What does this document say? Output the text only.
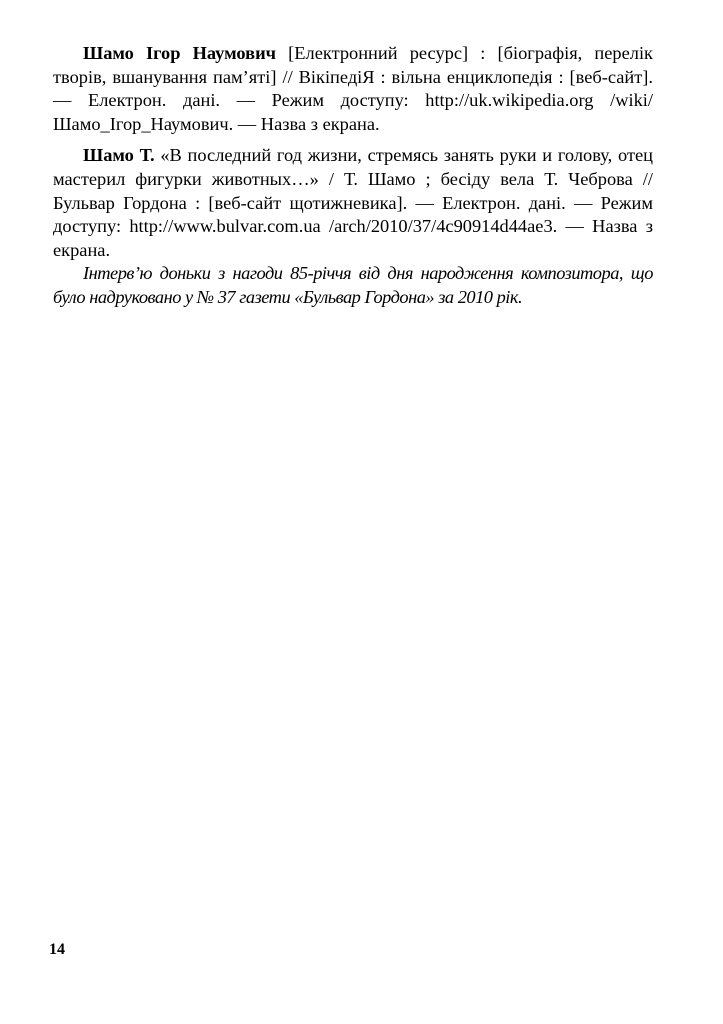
Шамо Ігор Наумович [Електронний ресурс] : [біографія, перелік творів, вшанування пам’яті] // ВікіпедіЯ : вільна енциклопедія : [веб-сайт]. — Електрон. дані. — Режим доступу: http://uk.wikipedia.org /wiki/Шамо_Ігор_Наумович. — Назва з екрана.

Шамо Т. «В последний год жизни, стремясь занять руки и голову, отец мастерил фигурки животных…» / Т. Шамо ; бесіду вела Т. Чеброва // Бульвар Гордона : [веб-сайт щотижневика]. — Електрон. дані. — Режим доступу: http://www.bulvar.com.ua /arch/2010/37/4c90914d44ae3. — Назва з екрана.

Інтерв’ю доньки з нагоди 85-річчя від дня народження композитора, що було надруковано у № 37 газети «Бульвар Гордона» за 2010 рік.

14
